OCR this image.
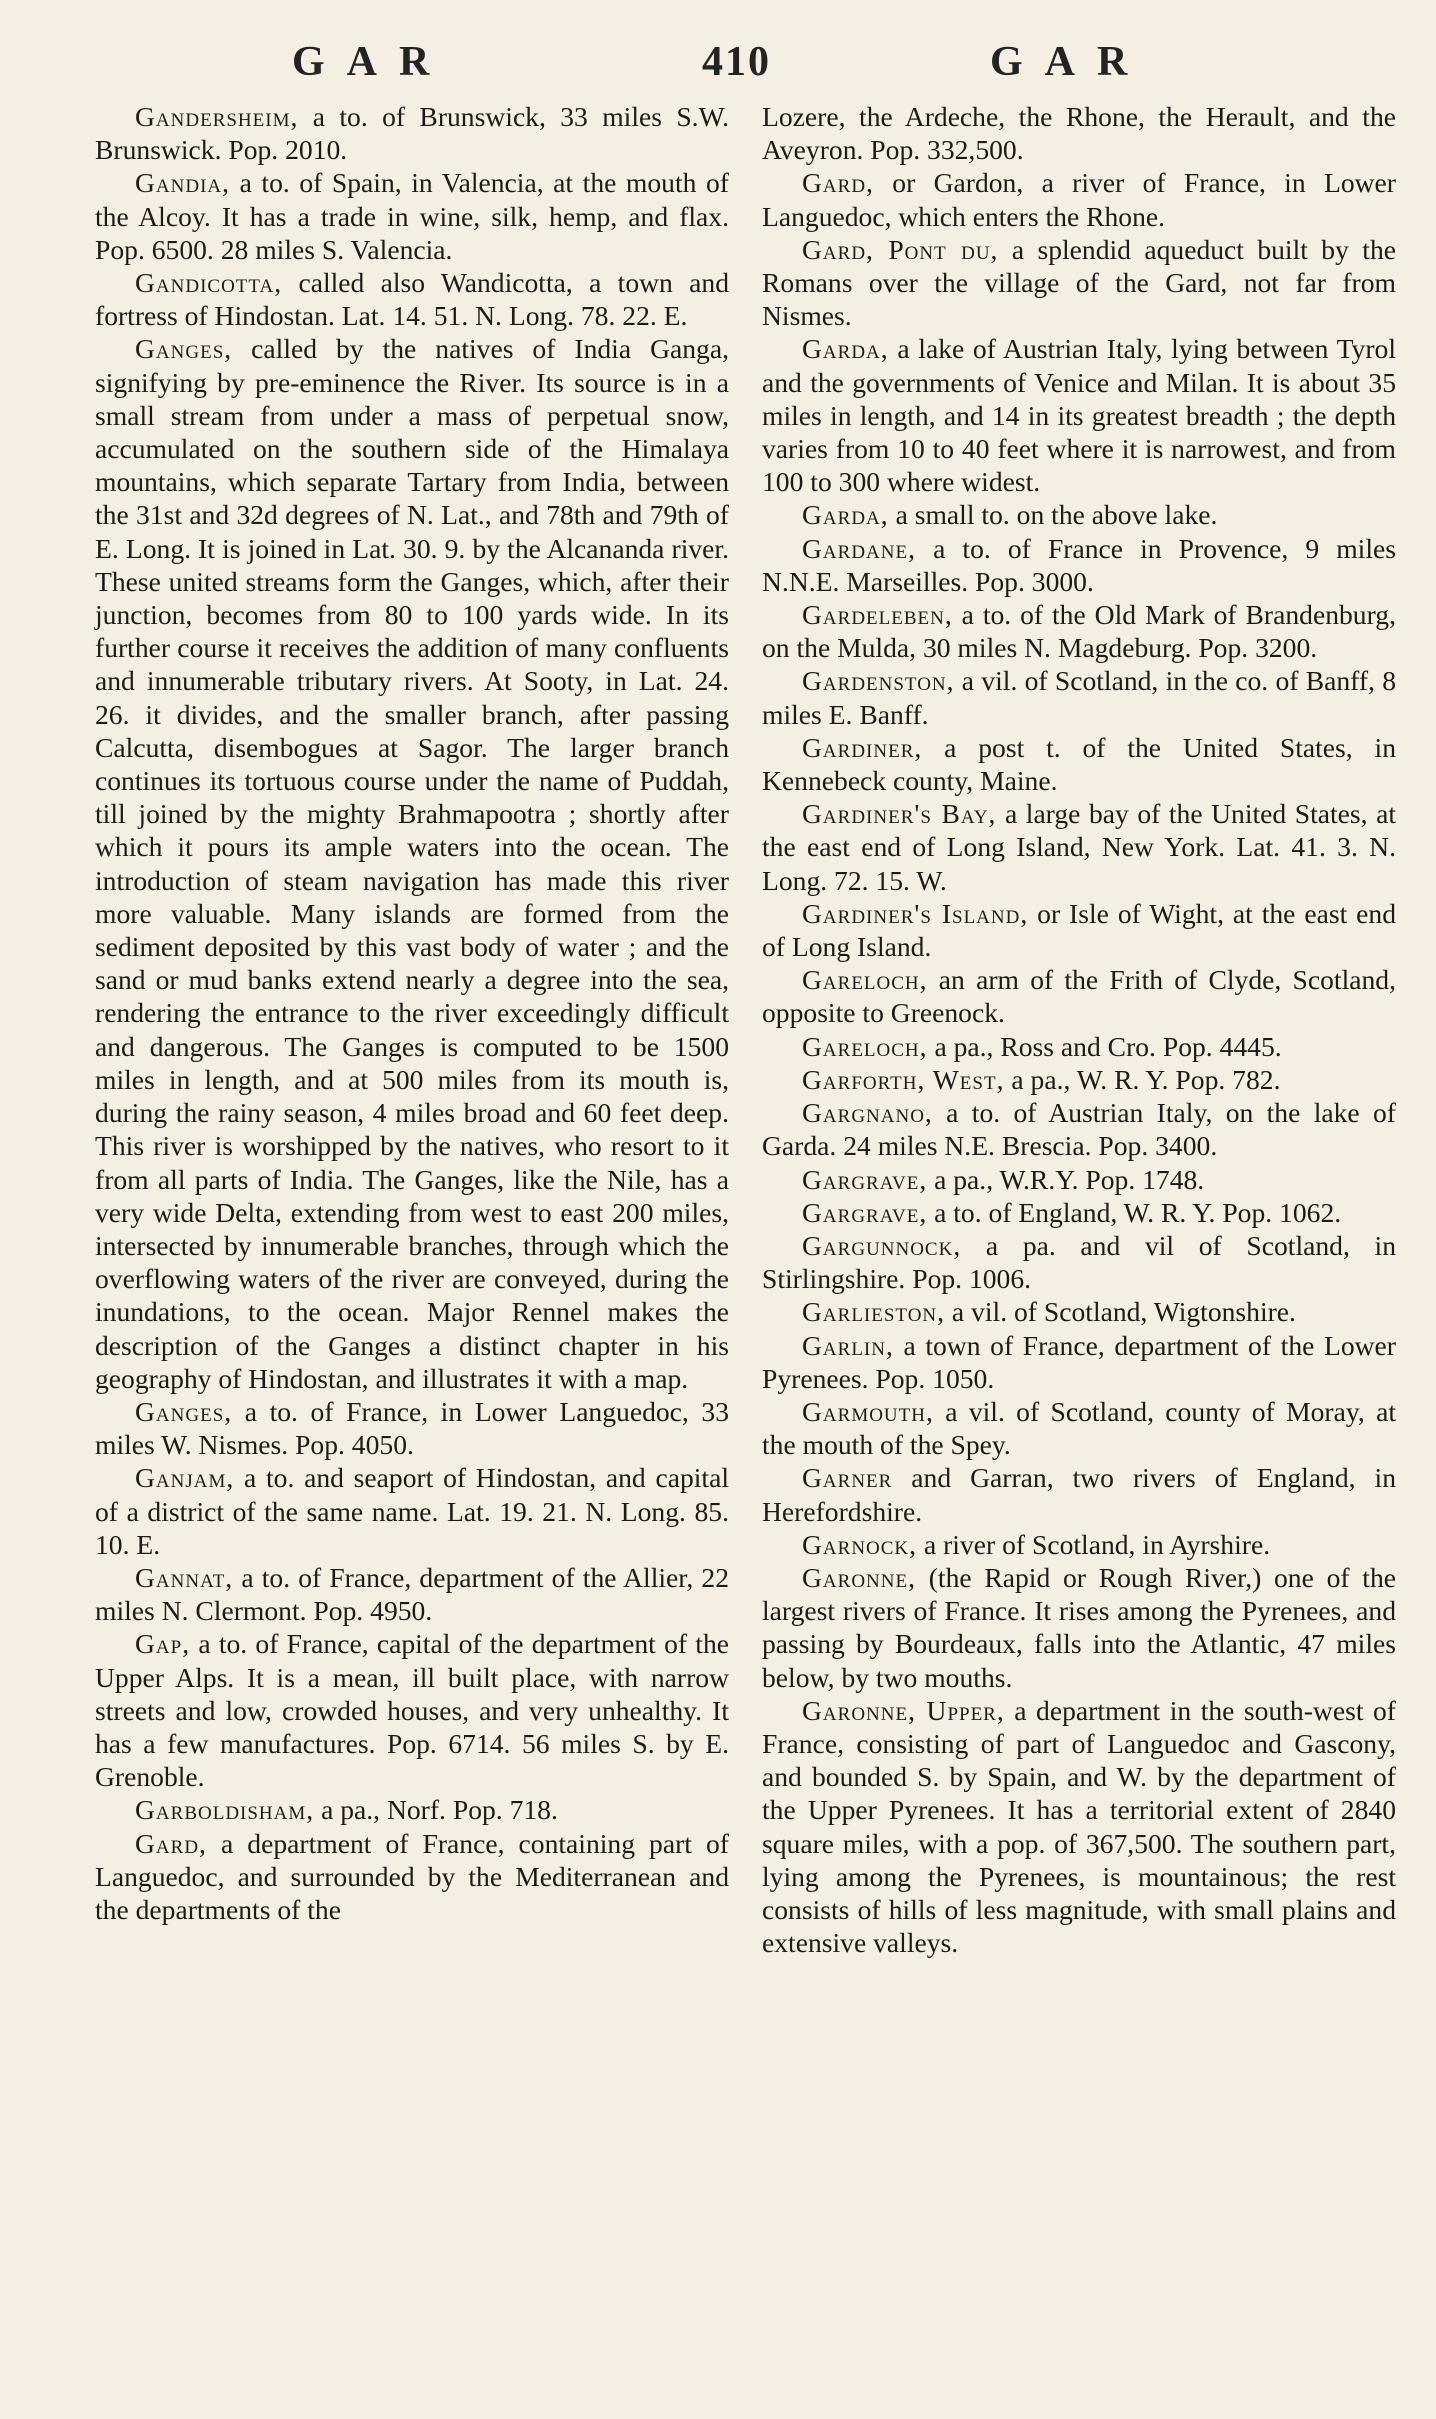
GAR	410	GAR

Gandersheim, a to. of Brunswick, 33 miles S.W. Brunswick. Pop. 2010.

Gandia, a to. of Spain, in Valencia, at the mouth of the Alcoy. It has a trade in wine, silk, hemp, and flax. Pop. 6500. 28 miles S. Valencia.

Gandicotta, called also Wandicotta, a town and fortress of Hindostan. Lat. 14. 51. N. Long. 78. 22. E.

Ganges, called by the natives of India Ganga, signifying by pre-eminence the River. Its source is in a small stream from under a mass of perpetual snow, accumulated on the southern side of the Himalaya mountains, which separate Tartary from India, between the 31st and 32d degrees of N. Lat., and 78th and 79th of E. Long. It is joined in Lat. 30. 9. by the Alcananda river. These united streams form the Ganges, which, after their junction, becomes from 80 to 100 yards wide. In its further course it receives the addition of many confluents and innumerable tributary rivers. At Sooty, in Lat. 24. 26. it divides, and the smaller branch, after passing Calcutta, disembogues at Sagor. The larger branch continues its tortuous course under the name of Puddah, till joined by the mighty Brahmapootra ; shortly after which it pours its ample waters into the ocean. The introduction of steam navigation has made this river more valuable. Many islands are formed from the sediment deposited by this vast body of water ; and the sand or mud banks extend nearly a degree into the sea, rendering the entrance to the river exceedingly difficult and dangerous. The Ganges is computed to be 1500 miles in length, and at 500 miles from its mouth is, during the rainy season, 4 miles broad and 60 feet deep. This river is worshipped by the natives, who resort to it from all parts of India. The Ganges, like the Nile, has a very wide Delta, extending from west to east 200 miles, intersected by innumerable branches, through which the overflowing waters of the river are conveyed, during the inundations, to the ocean. Major Rennel makes the description of the Ganges a distinct chapter in his geography of Hindostan, and illustrates it with a map.

Ganges, a to. of France, in Lower Languedoc, 33 miles W. Nismes. Pop. 4050.

Ganjam, a to. and seaport of Hindostan, and capital of a district of the same name. Lat. 19. 21. N. Long. 85. 10. E.

Gannat, a to. of France, department of the Allier, 22 miles N. Clermont. Pop. 4950.

Gap, a to. of France, capital of the department of the Upper Alps. It is a mean, ill built place, with narrow streets and low, crowded houses, and very unhealthy. It has a few manufactures. Pop. 6714. 56 miles S. by E. Grenoble.

Garboldisham, a pa., Norf. Pop. 718.

Gard, a department of France, containing part of Languedoc, and surrounded by the Mediterranean and the departments of the

Lozere, the Ardeche, the Rhone, the Herault, and the Aveyron. Pop. 332,500.

Gard, or Gardon, a river of France, in Lower Languedoc, which enters the Rhone.

Gard, Pont du, a splendid aqueduct built by the Romans over the village of the Gard, not far from Nismes.

Garda, a lake of Austrian Italy, lying between Tyrol and the governments of Venice and Milan. It is about 35 miles in length, and 14 in its greatest breadth ; the depth varies from 10 to 40 feet where it is narrowest, and from 100 to 300 where widest.

Garda, a small to. on the above lake.

Gardane, a to. of France in Provence, 9 miles N.N.E. Marseilles. Pop. 3000.

Gardeleben, a to. of the Old Mark of Brandenburg, on the Mulda, 30 miles N. Magdeburg. Pop. 3200.

Gardenston, a vil. of Scotland, in the co. of Banff, 8 miles E. Banff.

Gardiner, a post t. of the United States, in Kennebeck county, Maine.

Gardiner's Bay, a large bay of the United States, at the east end of Long Island, New York. Lat. 41. 3. N. Long. 72. 15. W.

Gardiner's Island, or Isle of Wight, at the east end of Long Island.

Gareloch, an arm of the Frith of Clyde, Scotland, opposite to Greenock.

Gareloch, a pa., Ross and Cro. Pop. 4445.

Garforth, West, a pa., W. R. Y. Pop. 782.

Gargnano, a to. of Austrian Italy, on the lake of Garda. 24 miles N.E. Brescia. Pop. 3400.

Gargrave, a pa., W.R.Y. Pop. 1748.

Gargrave, a to. of England, W. R. Y. Pop. 1062.

Gargunnock, a pa. and vil of Scotland, in Stirlingshire. Pop. 1006.

Garlieston, a vil. of Scotland, Wigtonshire.

Garlin, a town of France, department of the Lower Pyrenees. Pop. 1050.

Garmouth, a vil. of Scotland, county of Moray, at the mouth of the Spey.

Garner and Garran, two rivers of England, in Herefordshire.

Garnock, a river of Scotland, in Ayrshire.

Garonne, (the Rapid or Rough River,) one of the largest rivers of France. It rises among the Pyrenees, and passing by Bourdeaux, falls into the Atlantic, 47 miles below, by two mouths.

Garonne, Upper, a department in the south-west of France, consisting of part of Languedoc and Gascony, and bounded S. by Spain, and W. by the department of the Upper Pyrenees. It has a territorial extent of 2840 square miles, with a pop. of 367,500. The southern part, lying among the Pyrenees, is mountainous; the rest consists of hills of less magnitude, with small plains and extensive valleys.
